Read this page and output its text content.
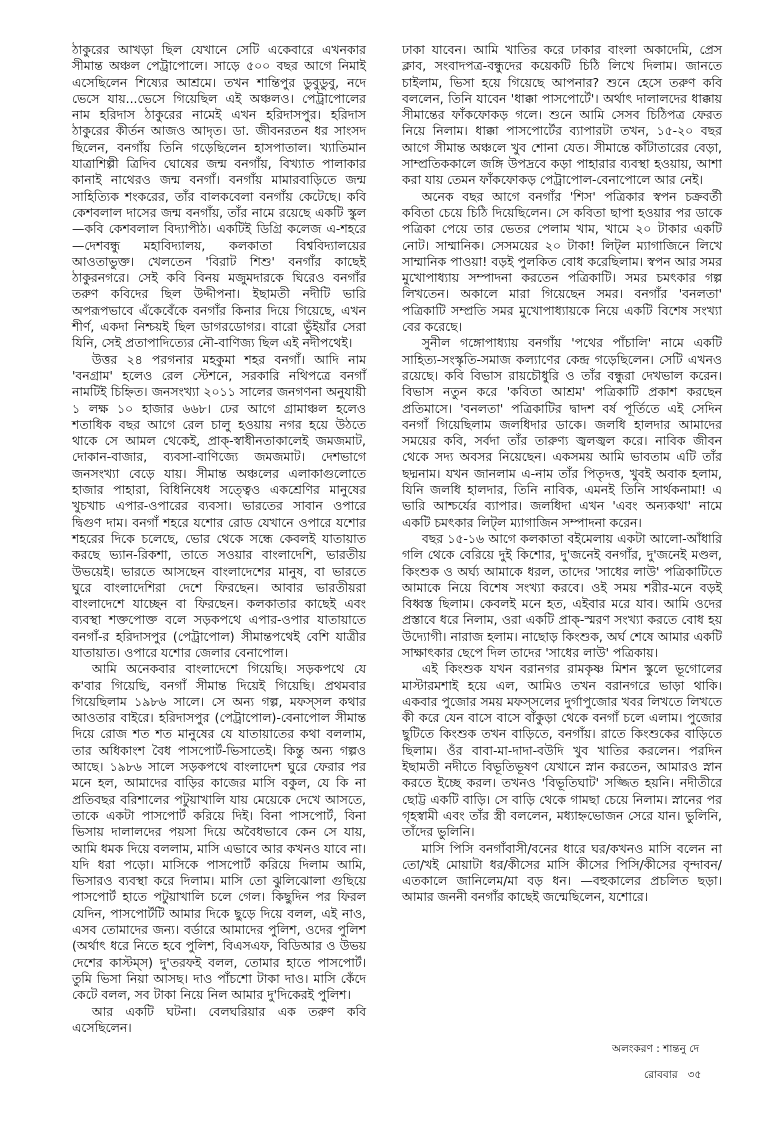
ঠাকুরের আখড়া ছিল যেখানে সেটি একেবারে এখনকার সীমান্ত অঞ্চল পেট্রাপোলে। সাড়ে ৫০০ বছর আগে নিমাই এসেছিলেন শিষ্যের আশ্রমে। তখন শান্তিপুর ডুবুডুবু, নদে ভেসে যায়...ভেসে গিয়েছিল এই অঞ্চলও। পেট্রাপোলের নাম হরিদাস ঠাকুরের নামেই এখন হরিদাসপুর। হরিদাস ঠাকুরের কীর্তন আজও আদৃত। ডা. জীবনরতন ধর সাংসদ ছিলেন, বনগাঁয় তিনি গড়েছিলেন হাসপাতাল। খ্যাতিমান যাত্রাশিল্পী ত্রিদিব ঘোষের জন্ম বনগাঁয়, বিখ্যাত পালাকার কানাই নাথেরও জন্ম বনগাঁ। বনগাঁয় মামারবাড়িতে জন্ম সাহিত্যিক শংকরের, তাঁর বালকবেলা বনগাঁয় কেটেছে। কবি কেশবলাল দাসের জন্ম বনগাঁয়, তাঁর নামে রয়েছে একটি স্কুল—কবি কেশবলাল বিদ্যাপীঠ। একটিই ডিগ্রি কলেজ এ-শহরে—দেশবন্ধু মহাবিদ্যালয়, কলকাতা বিশ্ববিদ্যালয়ের আওতাভুক্ত। খেলতেন 'বিরাট শিশু' বনগাঁর কাছেই ঠাকুরনগরে। সেই কবি বিনয় মজুমদারকে ঘিরেও বনগাঁর তরুণ কবিদের ছিল উদ্দীপনা। ইছামতী নদীটি ভারি অপরূপভাবে এঁকেবেঁকে বনগাঁর কিনার দিয়ে গিয়েছে, এখন শীর্ণ, একদা নিশ্চয়ই ছিল ডাগরডোগর। বারো ভুঁইয়াঁর সেরা যিনি, সেই প্রতাপাদিত্যের নৌ-বাণিজ্য ছিল এই নদীপথেই।

উত্তর ২৪ পরগনার মহকুমা শহর বনগাঁ। আদি নাম 'বনগ্রাম' হলেও রেল স্টেশনে, সরকারি নথিপত্রে বনগাঁ নামটিই চিহ্নিত। জনসংখ্যা ২০১১ সালের জনগণনা অনুযায়ী ১ লক্ষ ১০ হাজার ৬৬৮। ঢের আগে গ্রামাঞ্চল হলেও শতাধিক বছর আগে রেল চালু হওয়ায় নগর হয়ে উঠতে থাকে সে আমল থেকেই, প্রাক্-স্বাধীনতাকালেই জমজমাট, দোকান-বাজার, ব্যবসা-বাণিজ্যে জমজমাট। দেশভাগে জনসংখ্যা বেড়ে যায়। সীমান্ত অঞ্চলের এলাকাগুলোতে হাজার পাহারা, বিধিনিষেধ সত্ত্বেও একশ্রেণির মানুষের খুচখাচ এপার-ওপারের ব্যবসা। ভারতের সাবান ওপারে দ্বিগুণ দাম। বনগাঁ শহরে যশোর রোড যেখানে ওপারে যশোর শহরের দিকে চলেছে, ভোর থেকে সন্ধে কেবলই যাতায়াত করছে ভ্যান-রিকশা, তাতে সওয়ার বাংলাদেশি, ভারতীয় উভয়েই। ভারতে আসছেন বাংলাদেশের মানুষ, বা ভারতে ঘুরে বাংলাদেশিরা দেশে ফিরছেন। আবার ভারতীয়রা বাংলাদেশে যাচ্ছেন বা ফিরছেন। কলকাতার কাছেই এবং ব্যবস্থা শক্তপোক্ত বলে সড়কপথে এপার-ওপার যাতায়াতে বনগাঁ-র হরিদাসপুর (পেট্রাপোল) সীমান্তপথেই বেশি যাত্রীর যাতায়াত। ওপারে যশোর জেলার বেনাপোল।

আমি অনেকবার বাংলাদেশে গিয়েছি। সড়কপথে যে ক'বার গিয়েছি, বনগাঁ সীমান্ত দিয়েই গিয়েছি। প্রথমবার গিয়েছিলাম ১৯৮৬ সালে। সে অন্য গল্প, মফস্‌সল কথার আওতার বাইরে। হরিদাসপুর (পেট্রাপোল)-বেনাপোল সীমান্ত দিয়ে রোজ শত শত মানুষের যে যাতায়াতের কথা বললাম, তার অধিকাংশ বৈধ পাসপোর্ট-ভিসাতেই। কিন্তু অন্য গল্পও আছে। ১৯৮৬ সালে সড়কপথে বাংলাদেশ ঘুরে ফেরার পর মনে হল, আমাদের বাড়ির কাজের মাসি বকুল, যে কি না প্রতিবছর বরিশালের পটুয়াখালি যায় মেয়েকে দেখে আসতে, তাকে একটা পাসপোর্ট করিয়ে দিই। বিনা পাসপোর্ট, বিনা ভিসায় দালালদের পয়সা দিয়ে অবৈধভাবে কেন সে যায়, আমি ধমক দিয়ে বললাম, মাসি এভাবে আর কখনও যাবে না। যদি ধরা পড়ো। মাসিকে পাসপোর্ট করিয়ে দিলাম আমি, ভিসারও ব্যবস্থা করে দিলাম। মাসি তো ঝুলিঝোলা গুছিয়ে পাসপোর্ট হাতে পটুয়াখালি চলে গেল। কিছুদিন পর ফিরল যেদিন, পাসপোর্টটি আমার দিকে ছুড়ে দিয়ে বলল, এই নাও, এসব তোমাদের জন্য। বর্ডারে আমাদের পুলিশ, ওদের পুলিশ (অর্থাৎ ধরে নিতে হবে পুলিশ, বিএসএফ, বিডিআর ও উভয় দেশের কাস্টম্‌স) দু'তরফই বলল, তোমার হাতে পাসপোর্ট। তুমি ভিসা নিয়া আসছ। দাও পাঁচশো টাকা দাও। মাসি কেঁদে কেটে বলল, সব টাকা নিয়ে নিল আমার দু'দিকেরই পুলিশ।

আর একটি ঘটনা। বেলঘরিয়ার এক তরুণ কবি এসেছিলেন।

ঢাকা যাবেন। আমি খাতির করে ঢাকার বাংলা অকাদেমি, প্রেস ক্লাব, সংবাদপত্র-বন্ধুদের কয়েকটি চিঠি লিখে দিলাম। জানতে চাইলাম, ভিসা হয়ে গিয়েছে আপনার? শুনে হেসে তরুণ কবি বললেন, তিনি যাবেন 'ধাক্কা পাসপোর্টে'। অর্থাৎ দালালদের ধাক্কায় সীমান্তের ফাঁকফোকড় গলে। শুনে আমি সেসব চিঠিপত্র ফেরত নিয়ে নিলাম। ধাক্কা পাসপোর্টের ব্যাপারটা তখন, ১৫-২০ বছর আগে সীমান্ত অঞ্চলে খুব শোনা যেত। সীমান্তে কাঁটাতারের বেড়া, সাম্প্রতিককালে জঙ্গি উপদ্রবে কড়া পাহারার ব্যবস্থা হওয়ায়, আশা করা যায় তেমন ফাঁকফোকড় পেট্রাপোল-বেনাপোলে আর নেই।

অনেক বছর আগে বনগাঁর 'শিস' পত্রিকার স্বপন চক্রবর্তী কবিতা চেয়ে চিঠি দিয়েছিলেন। সে কবিতা ছাপা হওয়ার পর ডাকে পত্রিকা পেয়ে তার ভেতর পেলাম খাম, খামে ২০ টাকার একটি নোট। সাম্মানিক। সেসময়ের ২০ টাকা! লিট্‌ল ম্যাগাজিনে লিখে সাম্মানিক পাওয়া! বড়ই পুলকিত বোধ করেছিলাম। স্বপন আর সমর মুখোপাধ্যায় সম্পাদনা করতেন পত্রিকাটি। সমর চমৎকার গল্প লিখতেন। অকালে মারা গিয়েছেন সমর। বনগাঁর 'বনলতা' পত্রিকাটি সম্প্রতি সমর মুখোপাধ্যায়কে নিয়ে একটি বিশেষ সংখ্যা বের করেছে।

সুনীল গঙ্গোপাধ্যায় বনগাঁয় 'পথের পাঁচালি' নামে একটি সাহিত্য-সংস্কৃতি-সমাজ কল্যাণের কেন্দ্র গড়েছিলেন। সেটি এখনও রয়েছে। কবি বিভাস রায়চৌধুরি ও তাঁর বন্ধুরা দেখভাল করেন। বিভাস নতুন করে 'কবিতা আশ্রম' পত্রিকাটি প্রকাশ করছেন প্রতিমাসে। 'বনলতা' পত্রিকাটির দ্বাদশ বর্ষ পূর্তিতে এই সেদিন বনগাঁ গিয়েছিলাম জলধিদার ডাকে। জলধি হালদার আমাদের সময়ের কবি, সর্বদা তাঁর তারুণ্য জ্বলজ্বল করে। নাবিক জীবন থেকে সদ্য অবসর নিয়েছেন। একসময় আমি ভাবতাম এটি তাঁর ছদ্মনাম। যখন জানলাম এ-নাম তাঁর পিতৃদত্ত, খুবই অবাক হলাম, যিনি জলধি হালদার, তিনি নাবিক, এমনই তিনি সার্থকনামা! এ ভারি আশ্চর্যের ব্যাপার। জলধিদা এখন 'এবং অন্যকথা' নামে একটি চমৎকার লিট্‌ল ম্যাগাজিন সম্পাদনা করেন।

বছর ১৫-১৬ আগে কলকাতা বইমেলায় একটা আলো-আঁধারি গলি থেকে বেরিয়ে দুই কিশোর, দু'জনেই বনগাঁর, দু'জনেই মণ্ডল, কিংশুক ও অর্ঘ্য আমাকে ধরল, তাদের 'সাধের লাউ' পত্রিকাটিতে আমাকে নিয়ে বিশেষ সংখ্যা করবে। ওই সময় শরীর-মনে বড়ই বিধ্বস্ত ছিলাম। কেবলই মনে হত, এইবার মরে যাব। আমি ওদের প্রস্তাবে ধরে নিলাম, ওরা একটি প্রাক্-স্মরণ সংখ্যা করতে বোধ হয় উদ্যোগী। নারাজ হলাম। নাছোড় কিংশুক, অর্ঘ শেষে আমার একটি সাক্ষাৎকার ছেপে দিল তাদের 'সাধের লাউ' পত্রিকায়।

এই কিংশুক যখন বরানগর রামকৃষ্ণ মিশন স্কুলে ভূগোলের মাস্টারমশাই হয়ে এল, আমিও তখন বরানগরে ভাড়া থাকি। একবার পুজোর সময় মফস্‌সলের দুর্গাপুজোর খবর লিখতে লিখতে কী করে যেন বাসে বাসে বাঁকুড়া থেকে বনগাঁ চলে এলাম। পুজোর ছুটিতে কিংশুক তখন বাড়িতে, বনগাঁয়। রাতে কিংশুকের বাড়িতে ছিলাম। ওঁর বাবা-মা-দাদা-বউদি খুব খাতির করলেন। পরদিন ইছামতী নদীতে বিভূতিভূষণ যেখানে স্নান করতেন, আমারও স্নান করতে ইচ্ছে করল। তখনও 'বিভূতিঘাট' সজ্জিত হয়নি। নদীতীরে ছোট্ট একটি বাড়ি। সে বাড়ি থেকে গামছা চেয়ে নিলাম। স্নানের পর গৃহস্বামী এবং তাঁর স্ত্রী বললেন, মধ্যাহ্নভোজন সেরে যান। ভুলিনি, তাঁদের ভুলিনি।

মাসি পিসি বনগাঁবাসী/বনের ধারে ঘর/কখনও মাসি বলেন না তো/খই মোয়াটা ধর/কীসের মাসি কীসের পিসি/কীসের বৃন্দাবন/এতকালে জানিলেম/মা বড় ধন। —বহুকালের প্রচলিত ছড়া। আমার জননী বনগাঁর কাছেই জন্মেছিলেন, যশোরে।

অলংকরণ : শান্তনু দে
রোববার ৩৫
